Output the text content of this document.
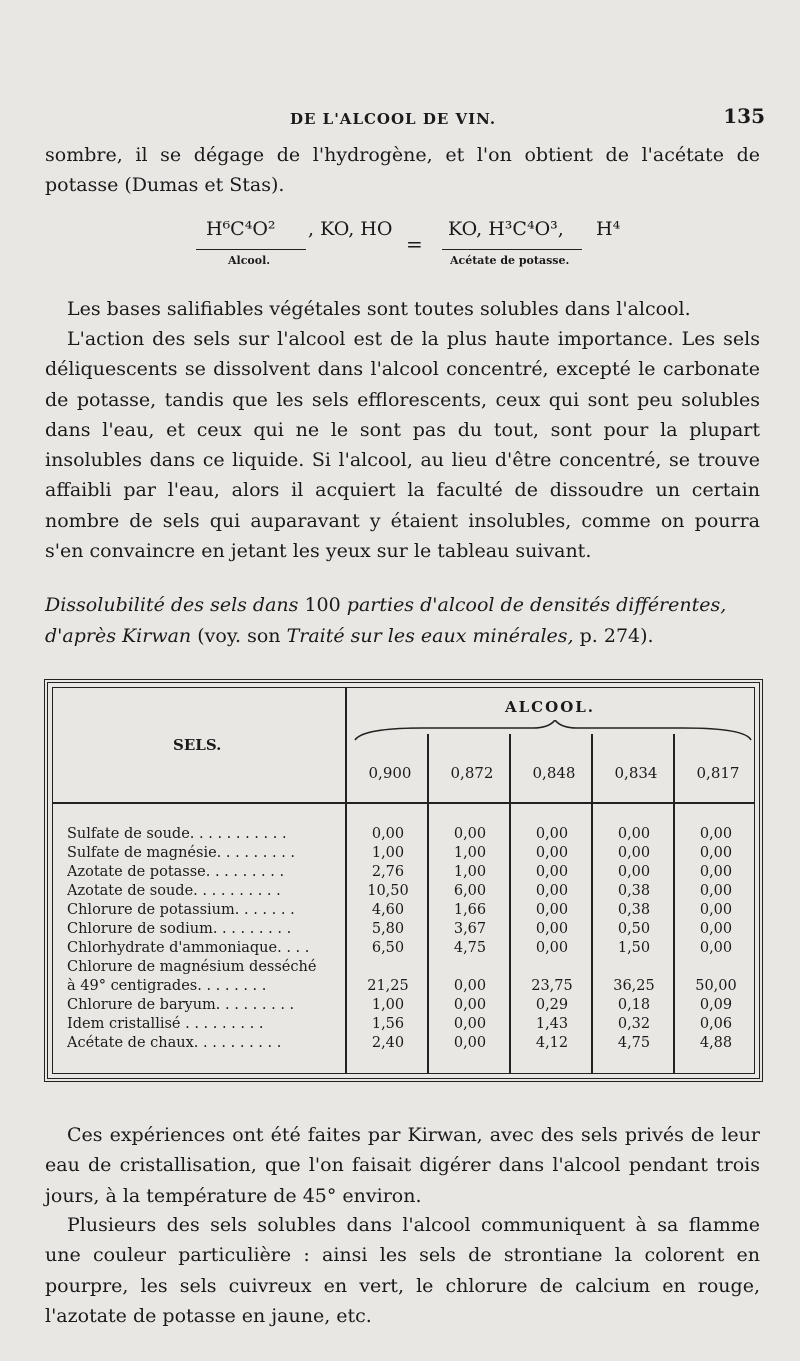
DE L'ALCOOL DE VIN.	135

sombre, il se dégage de l'hydrogène, et l'on obtient de l'acétate de potasse (Dumas et Stas).

H⁶C⁴O²
Alcool.
, KO, HO
=
KO, H³C⁴O³,
Acétate de potasse.
H⁴

Les bases salifiables végétales sont toutes solubles dans l'alcool.

L'action des sels sur l'alcool est de la plus haute importance. Les sels déliquescents se dissolvent dans l'alcool concentré, excepté le carbonate de potasse, tandis que les sels efflorescents, ceux qui sont peu solubles dans l'eau, et ceux qui ne le sont pas du tout, sont pour la plupart insolubles dans ce liquide. Si l'alcool, au lieu d'être concentré, se trouve affaibli par l'eau, alors il acquiert la faculté de dissoudre un certain nombre de sels qui auparavant y étaient insolubles, comme on pourra s'en convaincre en jetant les yeux sur le tableau suivant.

Dissolubilité des sels dans 100 parties d'alcool de densités différentes, d'après Kirwan (voy. son Traité sur les eaux minérales, p. 274).

SELS.
ALCOOL.
0,900	0,872	0,848	0,834	0,817
Sulfate de soude. . . . . . . . . . .	0,00	0,00	0,00	0,00	0,00
Sulfate de magnésie. . . . . . . . .	1,00	1,00	0,00	0,00	0,00
Azotate de potasse. . . . . . . . .	2,76	1,00	0,00	0,00	0,00
Azotate de soude. . . . . . . . . .	10,50	6,00	0,00	0,38	0,00
Chlorure de potassium. . . . . . .	4,60	1,66	0,00	0,38	0,00
Chlorure de sodium. . . . . . . . .	5,80	3,67	0,00	0,50	0,00
Chlorhydrate d'ammoniaque. . . .	6,50	4,75	0,00	1,50	0,00
Chlorure de magnésium desséché
à 49° centigrades. . . . . . . .	21,25	0,00	23,75	36,25	50,00
Chlorure de baryum. . . . . . . . .	1,00	0,00	0,29	0,18	0,09
Idem cristallisé . . . . . . . . .	1,56	0,00	1,43	0,32	0,06
Acétate de chaux. . . . . . . . . .	2,40	0,00	4,12	4,75	4,88

Ces expériences ont été faites par Kirwan, avec des sels privés de leur eau de cristallisation, que l'on faisait digérer dans l'alcool pendant trois jours, à la température de 45° environ.

Plusieurs des sels solubles dans l'alcool communiquent à sa flamme une couleur particulière : ainsi les sels de strontiane la colorent en pourpre, les sels cuivreux en vert, le chlorure de calcium en rouge, l'azotate de potasse en jaune, etc.
